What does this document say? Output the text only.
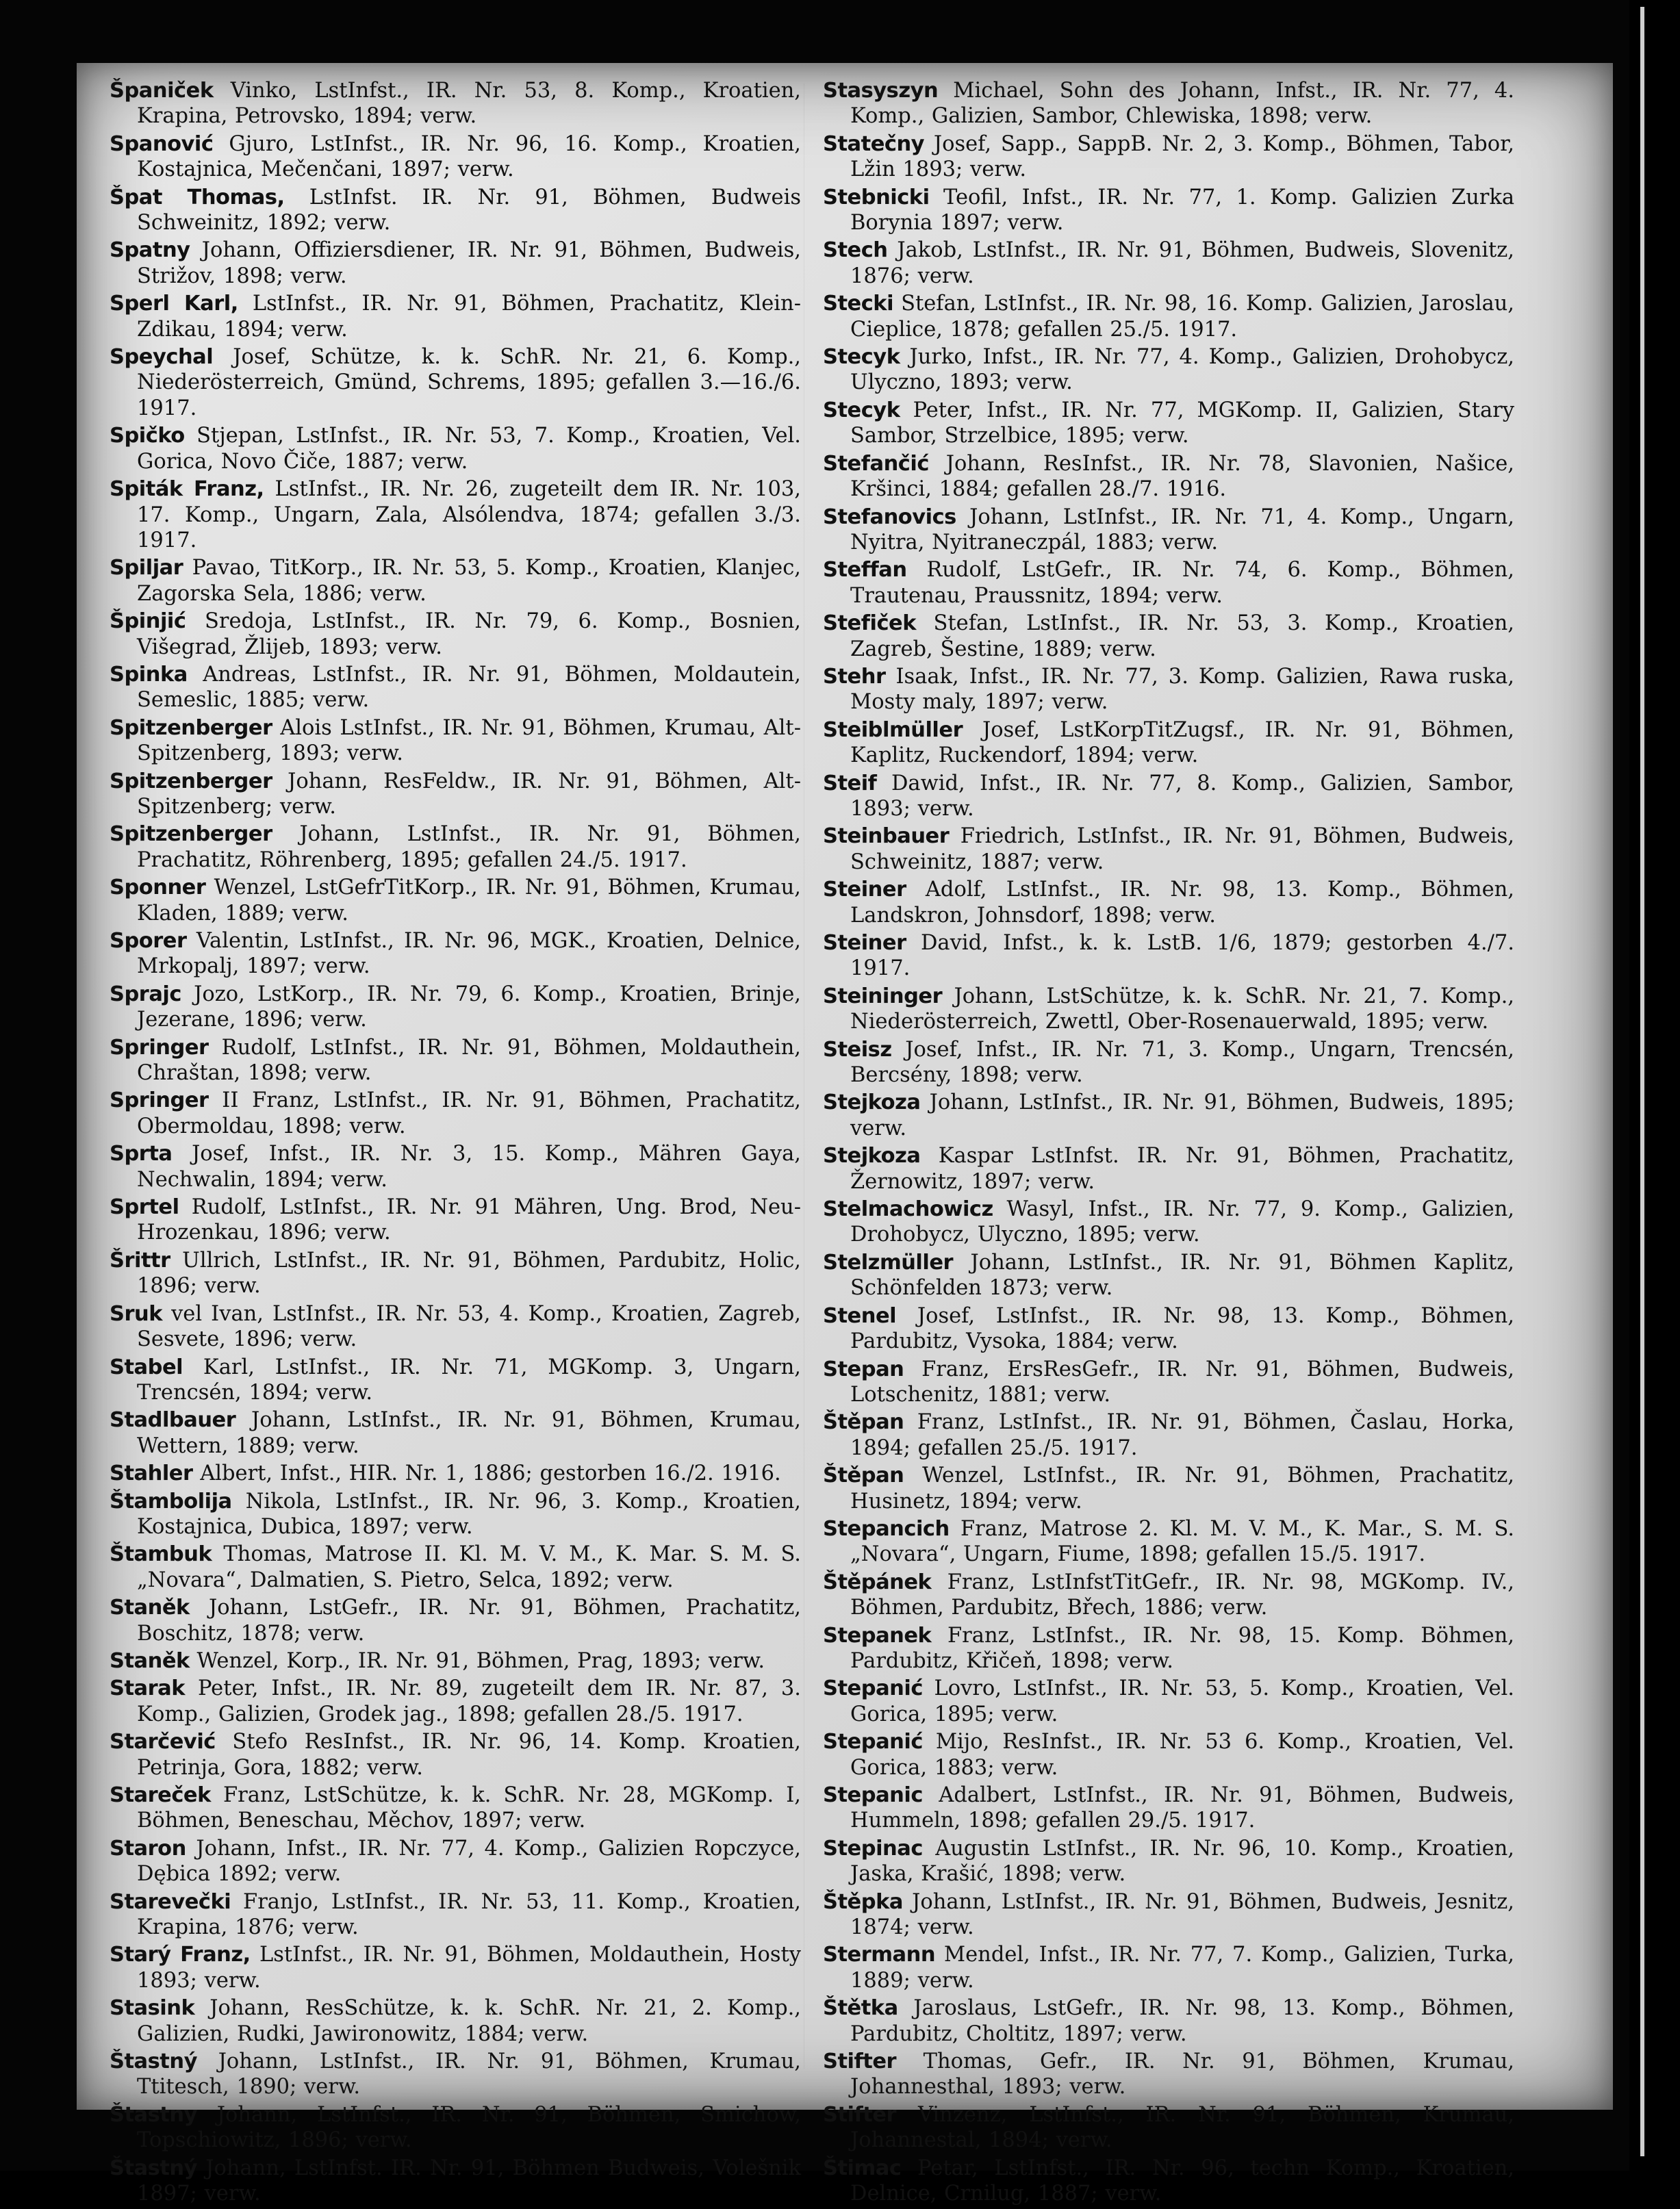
Španiček Vinko, LstInfst., IR. Nr. 53, 8. Komp., Kroatien, Krapina, Petrovsko, 1894; verw.

Spanović Gjuro, LstInfst., IR. Nr. 96, 16. Komp., Kroatien, Kostajnica, Mečenčani, 1897; verw.

Špat Thomas, LstInfst. IR. Nr. 91, Böhmen, Budweis Schweinitz, 1892; verw.

Spatny Johann, Offiziersdiener, IR. Nr. 91, Böhmen, Budweis, Strižov, 1898; verw.

Sperl Karl, LstInfst., IR. Nr. 91, Böhmen, Prachatitz, Klein-Zdikau, 1894; verw.

Speychal Josef, Schütze, k. k. SchR. Nr. 21, 6. Komp., Niederösterreich, Gmünd, Schrems, 1895; gefallen 3.—16./6. 1917.

Spičko Stjepan, LstInfst., IR. Nr. 53, 7. Komp., Kroatien, Vel. Gorica, Novo Čiče, 1887; verw.

Spiták Franz, LstInfst., IR. Nr. 26, zugeteilt dem IR. Nr. 103, 17. Komp., Ungarn, Zala, Alsólendva, 1874; gefallen 3./3. 1917.

Spiljar Pavao, TitKorp., IR. Nr. 53, 5. Komp., Kroatien, Klanjec, Zagorska Sela, 1886; verw.

Špinjić Sredoja, LstInfst., IR. Nr. 79, 6. Komp., Bosnien, Višegrad, Žlijeb, 1893; verw.

Spinka Andreas, LstInfst., IR. Nr. 91, Böhmen, Moldautein, Semeslic, 1885; verw.

Spitzenberger Alois LstInfst., IR. Nr. 91, Böhmen, Krumau, Alt-Spitzenberg, 1893; verw.

Spitzenberger Johann, ResFeldw., IR. Nr. 91, Böhmen, Alt-Spitzenberg; verw.

Spitzenberger Johann, LstInfst., IR. Nr. 91, Böhmen, Prachatitz, Röhrenberg, 1895; gefallen 24./5. 1917.

Sponner Wenzel, LstGefrTitKorp., IR. Nr. 91, Böhmen, Krumau, Kladen, 1889; verw.

Sporer Valentin, LstInfst., IR. Nr. 96, MGK., Kroatien, Delnice, Mrkopalj, 1897; verw.

Sprajc Jozo, LstKorp., IR. Nr. 79, 6. Komp., Kroatien, Brinje, Jezerane, 1896; verw.

Springer Rudolf, LstInfst., IR. Nr. 91, Böhmen, Moldauthein, Chraštan, 1898; verw.

Springer II Franz, LstInfst., IR. Nr. 91, Böhmen, Prachatitz, Obermoldau, 1898; verw.

Sprta Josef, Infst., IR. Nr. 3, 15. Komp., Mähren Gaya, Nechwalin, 1894; verw.

Sprtel Rudolf, LstInfst., IR. Nr. 91 Mähren, Ung. Brod, Neu-Hrozenkau, 1896; verw.

Šrittr Ullrich, LstInfst., IR. Nr. 91, Böhmen, Pardubitz, Holic, 1896; verw.

Sruk vel Ivan, LstInfst., IR. Nr. 53, 4. Komp., Kroatien, Zagreb, Sesvete, 1896; verw.

Stabel Karl, LstInfst., IR. Nr. 71, MGKomp. 3, Ungarn, Trencsén, 1894; verw.

Stadlbauer Johann, LstInfst., IR. Nr. 91, Böhmen, Krumau, Wettern, 1889; verw.

Stahler Albert, Infst., HIR. Nr. 1, 1886; gestorben 16./2. 1916.

Štambolija Nikola, LstInfst., IR. Nr. 96, 3. Komp., Kroatien, Kostajnica, Dubica, 1897; verw.

Štambuk Thomas, Matrose II. Kl. M. V. M., K. Mar. S. M. S. „Novara“, Dalmatien, S. Pietro, Selca, 1892; verw.

Staněk Johann, LstGefr., IR. Nr. 91, Böhmen, Prachatitz, Boschitz, 1878; verw.

Staněk Wenzel, Korp., IR. Nr. 91, Böhmen, Prag, 1893; verw.

Starak Peter, Infst., IR. Nr. 89, zugeteilt dem IR. Nr. 87, 3. Komp., Galizien, Grodek jag., 1898; gefallen 28./5. 1917.

Starčević Stefo ResInfst., IR. Nr. 96, 14. Komp. Kroatien, Petrinja, Gora, 1882; verw.

Stareček Franz, LstSchütze, k. k. SchR. Nr. 28, MGKomp. I, Böhmen, Beneschau, Měchov, 1897; verw.

Staron Johann, Infst., IR. Nr. 77, 4. Komp., Galizien Ropczyce, Dębica 1892; verw.

Starevečki Franjo, LstInfst., IR. Nr. 53, 11. Komp., Kroatien, Krapina, 1876; verw.

Starý Franz, LstInfst., IR. Nr. 91, Böhmen, Moldauthein, Hosty 1893; verw.

Stasink Johann, ResSchütze, k. k. SchR. Nr. 21, 2. Komp., Galizien, Rudki, Jawironowitz, 1884; verw.

Štastný Johann, LstInfst., IR. Nr. 91, Böhmen, Krumau, Ttitesch, 1890; verw.

Štastny Johann, LstInfst., IR. Nr. 91, Böhmen, Smichow, Topschiowitz, 1896; verw.

Štastný Johann, LstInfst. IR. Nr. 91, Böhmen Budweis, Volešnik 1897; verw.

Stasyszyn Michael, Sohn des Johann, Infst., IR. Nr. 77, 4. Komp., Galizien, Sambor, Chlewiska, 1898; verw.

Statečny Josef, Sapp., SappB. Nr. 2, 3. Komp., Böhmen, Tabor, Lžin 1893; verw.

Stebnicki Teofil, Infst., IR. Nr. 77, 1. Komp. Galizien Zurka Borynia 1897; verw.

Stech Jakob, LstInfst., IR. Nr. 91, Böhmen, Budweis, Slovenitz, 1876; verw.

Stecki Stefan, LstInfst., IR. Nr. 98, 16. Komp. Galizien, Jaroslau, Cieplice, 1878; gefallen 25./5. 1917.

Stecyk Jurko, Infst., IR. Nr. 77, 4. Komp., Galizien, Drohobycz, Ulyczno, 1893; verw.

Stecyk Peter, Infst., IR. Nr. 77, MGKomp. II, Galizien, Stary Sambor, Strzelbice, 1895; verw.

Stefančić Johann, ResInfst., IR. Nr. 78, Slavonien, Našice, Kršinci, 1884; gefallen 28./7. 1916.

Stefanovics Johann, LstInfst., IR. Nr. 71, 4. Komp., Ungarn, Nyitra, Nyitraneczpál, 1883; verw.

Steffan Rudolf, LstGefr., IR. Nr. 74, 6. Komp., Böhmen, Trautenau, Praussnitz, 1894; verw.

Stefiček Stefan, LstInfst., IR. Nr. 53, 3. Komp., Kroatien, Zagreb, Šestine, 1889; verw.

Stehr Isaak, Infst., IR. Nr. 77, 3. Komp. Galizien, Rawa ruska, Mosty maly, 1897; verw.

Steiblmüller Josef, LstKorpTitZugsf., IR. Nr. 91, Böhmen, Kaplitz, Ruckendorf, 1894; verw.

Steif Dawid, Infst., IR. Nr. 77, 8. Komp., Galizien, Sambor, 1893; verw.

Steinbauer Friedrich, LstInfst., IR. Nr. 91, Böhmen, Budweis, Schweinitz, 1887; verw.

Steiner Adolf, LstInfst., IR. Nr. 98, 13. Komp., Böhmen, Landskron, Johnsdorf, 1898; verw.

Steiner David, Infst., k. k. LstB. 1/6, 1879; gestorben 4./7. 1917.

Steininger Johann, LstSchütze, k. k. SchR. Nr. 21, 7. Komp., Niederösterreich, Zwettl, Ober-Rosenauerwald, 1895; verw.

Steisz Josef, Infst., IR. Nr. 71, 3. Komp., Ungarn, Trencsén, Bercsény, 1898; verw.

Stejkoza Johann, LstInfst., IR. Nr. 91, Böhmen, Budweis, 1895; verw.

Stejkoza Kaspar LstInfst. IR. Nr. 91, Böhmen, Prachatitz, Žernowitz, 1897; verw.

Stelmachowicz Wasyl, Infst., IR. Nr. 77, 9. Komp., Galizien, Drohobycz, Ulyczno, 1895; verw.

Stelzmüller Johann, LstInfst., IR. Nr. 91, Böhmen Kaplitz, Schönfelden 1873; verw.

Stenel Josef, LstInfst., IR. Nr. 98, 13. Komp., Böhmen, Pardubitz, Vysoka, 1884; verw.

Stepan Franz, ErsResGefr., IR. Nr. 91, Böhmen, Budweis, Lotschenitz, 1881; verw.

Štěpan Franz, LstInfst., IR. Nr. 91, Böhmen, Časlau, Horka, 1894; gefallen 25./5. 1917.

Štěpan Wenzel, LstInfst., IR. Nr. 91, Böhmen, Prachatitz, Husinetz, 1894; verw.

Stepancich Franz, Matrose 2. Kl. M. V. M., K. Mar., S. M. S. „Novara“, Ungarn, Fiume, 1898; gefallen 15./5. 1917.

Štěpánek Franz, LstInfstTitGefr., IR. Nr. 98, MGKomp. IV., Böhmen, Pardubitz, Břech, 1886; verw.

Stepanek Franz, LstInfst., IR. Nr. 98, 15. Komp. Böhmen, Pardubitz, Křičeň, 1898; verw.

Stepanić Lovro, LstInfst., IR. Nr. 53, 5. Komp., Kroatien, Vel. Gorica, 1895; verw.

Stepanić Mijo, ResInfst., IR. Nr. 53 6. Komp., Kroatien, Vel. Gorica, 1883; verw.

Stepanic Adalbert, LstInfst., IR. Nr. 91, Böhmen, Budweis, Hummeln, 1898; gefallen 29./5. 1917.

Stepinac Augustin LstInfst., IR. Nr. 96, 10. Komp., Kroatien, Jaska, Krašić, 1898; verw.

Štěpka Johann, LstInfst., IR. Nr. 91, Böhmen, Budweis, Jesnitz, 1874; verw.

Stermann Mendel, Infst., IR. Nr. 77, 7. Komp., Galizien, Turka, 1889; verw.

Štětka Jaroslaus, LstGefr., IR. Nr. 98, 13. Komp., Böhmen, Pardubitz, Choltitz, 1897; verw.

Stifter Thomas, Gefr., IR. Nr. 91, Böhmen, Krumau, Johannesthal, 1893; verw.

Stifter Vinzenz, LstInfst., IR. Nr. 91, Böhmen, Krumau, Johannestal, 1894; verw.

Štimac Petar, LstInfst., IR. Nr. 96, techn Komp., Kroatien, Delnice, Crnilug, 1887; verw.
